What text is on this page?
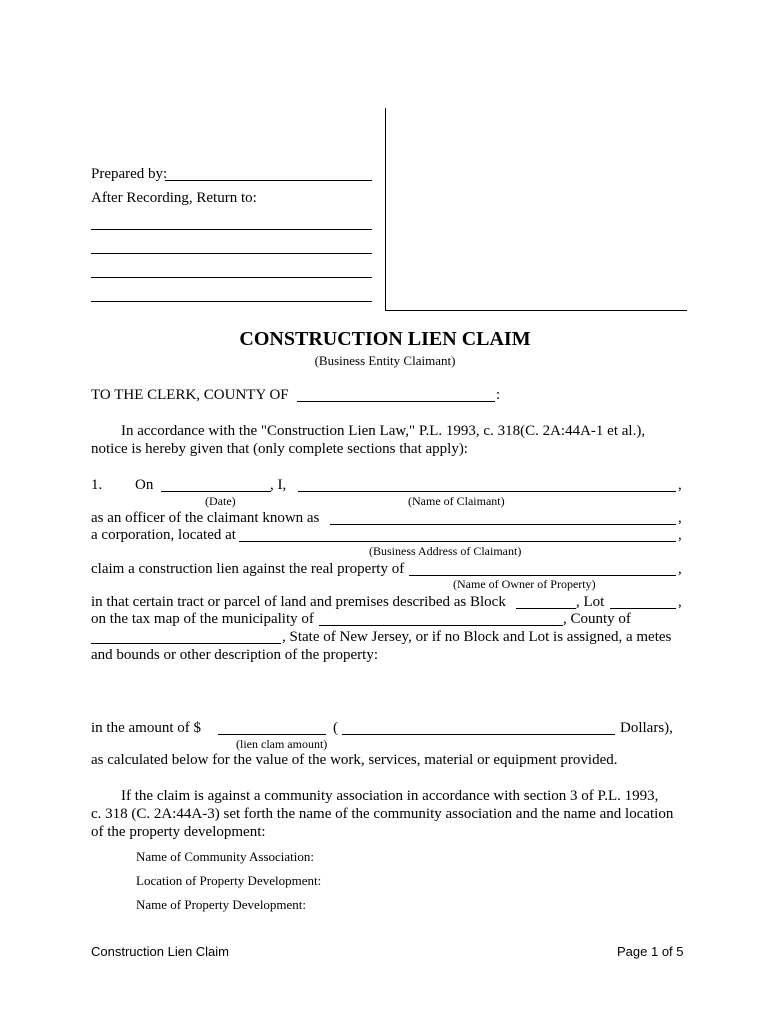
Prepared by:
After Recording, Return to:
CONSTRUCTION LIEN CLAIM
(Business Entity Claimant)
TO THE CLERK, COUNTY OF	:
In accordance with the "Construction Lien Law," P.L. 1993, c. 318(C. 2A:44A-1 et al.),
notice is hereby given that (only complete sections that apply):
1. On	, I,	,
(Date)	(Name of Claimant)
as an officer of the claimant known as	,
a corporation, located at	,
(Business Address of Claimant)
claim a construction lien against the real property of	,
(Name of Owner of Property)
in that certain tract or parcel of land and premises described as Block	, Lot	,
on the tax map of the municipality of	, County of
, State of New Jersey, or if no Block and Lot is assigned, a metes
and bounds or other description of the property:
in the amount of $	(	Dollars),
(lien clam amount)
as calculated below for the value of the work, services, material or equipment provided.
If the claim is against a community association in accordance with section 3 of P.L. 1993,
c. 318 (C. 2A:44A-3) set forth the name of the community association and the name and location
of the property development:
Name of Community Association:
Location of Property Development:
Name of Property Development:
Construction Lien Claim	Page 1 of 5
